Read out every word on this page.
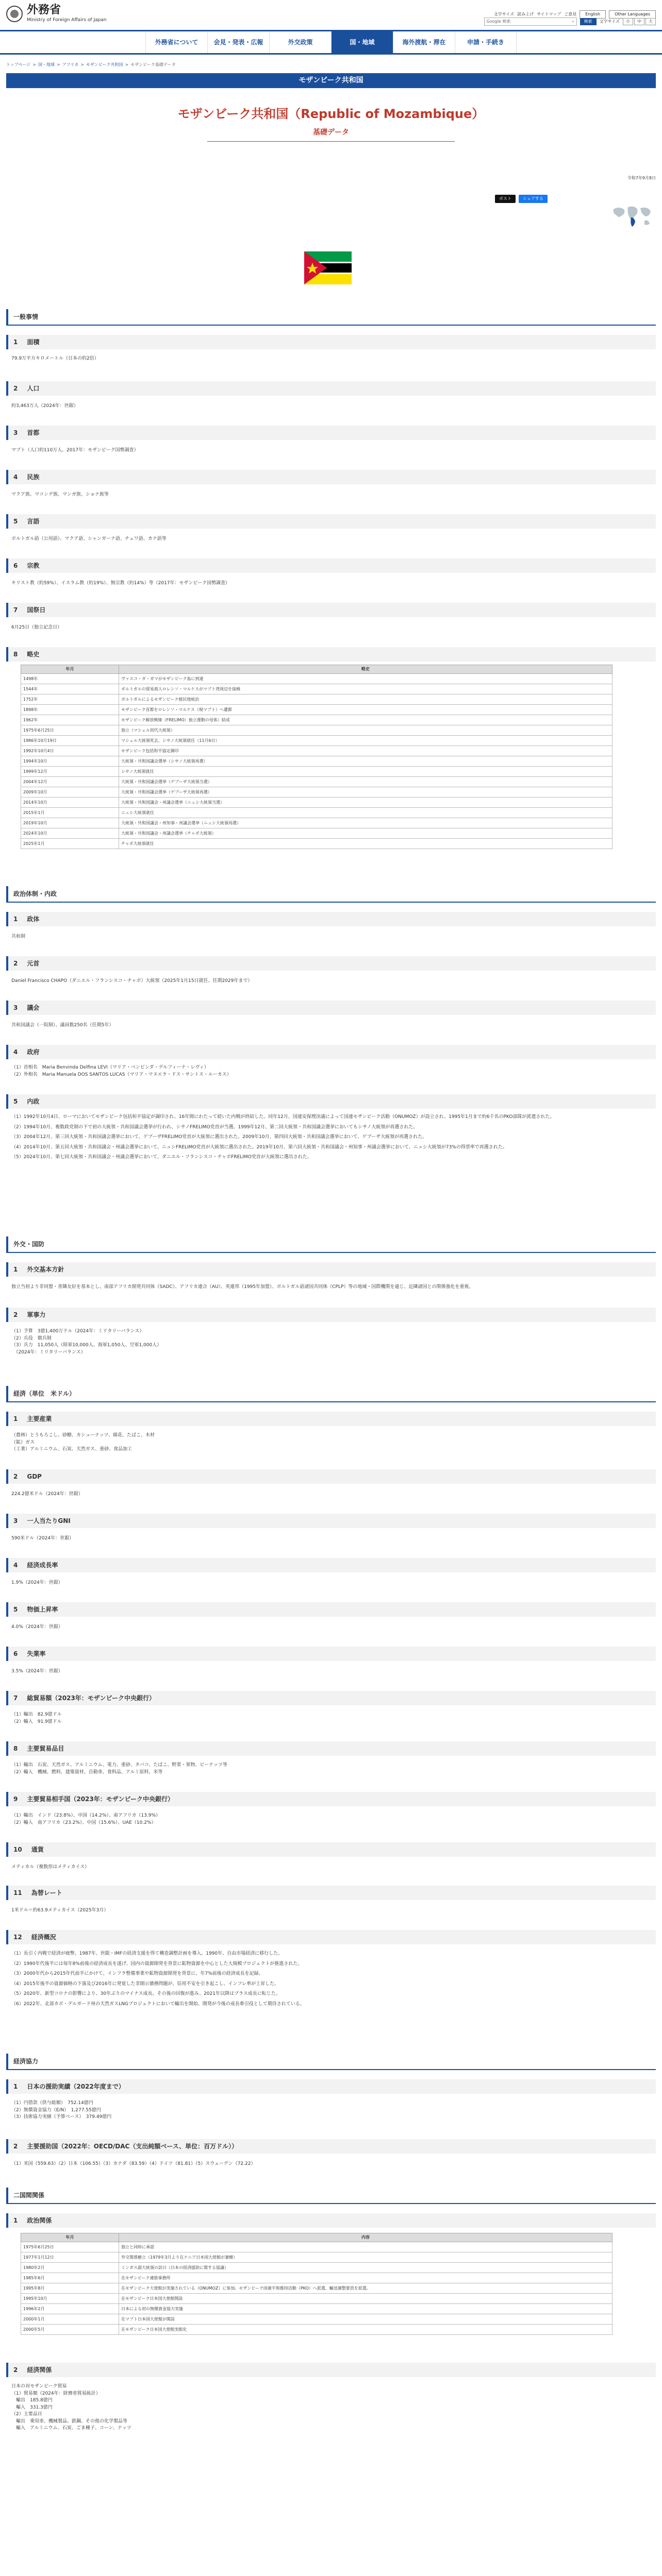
外務省
Ministry of Foreign Affairs of Japan
文字サイズ 読み上げ サイトマップ ご意見	English	Other Languages
Google 検索	⌕	検索	文字サイズ	小	中	大
外務省について	会見・発表・広報	外交政策	国・地域	海外渡航・滞在	申請・手続き
トップページ > 国・地域 > アフリカ > モザンビーク共和国 > モザンビーク基礎データ
モザンビーク共和国
モザンビーク共和国（Republic of Mozambique）
基礎データ
令和7年9月8日
ポスト	シェアする
一般事情
1 面積
79.9万平方キロメートル（日本の約2倍）
2 人口
約3,463万人（2024年：世銀）
3 首都
マプト（人口約110万人、2017年：モザンビーク国勢調査）
4 民族
マクア族、マコンデ族、マンガ族、ショナ族等
5 言語
ポルトガル語（公用語）、マクア語、シャンガーナ語、チェワ語、カナ語等
6 宗教
キリスト教（約59%）、イスラム教（約19%）、無宗教（約14%）等（2017年：モザンビーク国勢調査）
7 国祭日
6月25日（独立記念日）
8 略史
年月	略史
1498年	ヴァスコ・ダ・ガマがモザンビーク島に到達
1544年	ポルトガルの貿易商人ロレンソ・マルケスがマプト湾周辺を探検
1752年	ポルトガルによるモザンビーク植民地統治
1898年	モザンビーク首都をロレンソ・マルケス（現マプト）へ遷都
1962年	モザンビーク解放戦線（FRELIMO）独立運動の母体）結成
1975年6月25日	独立（マシェル初代大統領）
1986年10月19日	マシェル大統領死去、シサノ大統領就任（11月6日）
1992年10月4日	モザンビーク包括和平協定調印
1994年10月	大統領・共和国議会選挙（シサノ大統領再選）
1999年12月	シサノ大統領就任
2004年12月	大統領・共和国議会選挙（ゲブーザ大統領当選）
2009年10月	大統領・共和国議会選挙（ゲブーザ大統領再選）
2014年10月	大統領・共和国議会・州議会選挙（ニュシ大統領当選）
2015年1月	ニュシ大統領就任
2019年10月	大統領・共和国議会・州知事・州議会選挙（ニュシ大統領再選）
2024年10月	大統領・共和国議会・州議会選挙（チャポ大統領）
2025年1月	チャポ大統領就任
政治体制・内政
1 政体
共和制
2 元首
Daniel Francisco CHAPO（ダニエル・フランシスコ・チャポ）大統領（2025年1月15日就任、任期2029年まで）
3 議会
共和国議会（一院制）、議員数250名（任期5年）
4 政府

（1）首相名　Maria Benvinda Delfina LEVI（マリア・ベンビンダ・デルフィーナ・レヴィ）

（2）外相名　Maria Manuela DOS SANTOS LUCAS（マリア・マヌエラ・ドス・サントス・ルーカス）

5 内政

（1）1992年10月4日、ローマにおいてモザンビーク包括和平協定が調印され、16年間にわたって続いた内戦が終結した。同年12月、国連安保理決議によって国連モザンビーク活動（ONUMOZ）が設立され、1995年1月まで約6千名のPKO部隊が派遣された。

（2）1994年10月、複数政党制の下で初の大統領・共和国議会選挙が行われ、シサノFRELIMO党首が当選。1999年12月、第二回大統領・共和国議会選挙においてもシサノ大統領が再選された。

（3）2004年12月、第三回大統領・共和国議会選挙において、ゲブーザFRELIMO党首が大統領に選出された。2009年10月、第四回大統領・共和国議会選挙において、ゲブーザ大統領が再選された。

（4）2014年10月、第五回大統領・共和国議会・州議会選挙において、ニュシFRELIMO党首が大統領に選出された。2019年10月、第六回大統領・共和国議会・州知事・州議会選挙において、ニュシ大統領が73%の得票率で再選された。

（5）2024年10月、第七回大統領・共和国議会・州議会選挙において、ダニエル・フランシスコ・チャポFRELIMO党首が大統領に選出された。

外交・国防
1 外交基本方針
独立当初より非同盟・善隣友好を基本とし、南部アフリカ開発共同体（SADC）、アフリカ連合（AU）、英連邦（1995年加盟）、ポルトガル語諸国共同体（CPLP）等の地域・国際機関を通じ、近隣諸国との関係強化を重視。
2 軍事力

（1）予算　3億1,400万ドル（2024年：ミリタリーバランス）

（2）兵役　徴兵制

（3）兵力　11,050人（陸軍10,000人、海軍1,050人、空軍1,000人）

　（2024年：ミリタリーバランス）

経済（単位　米ドル）
1 主要産業

（農林）とうもろこし、砂糖、カシューナッツ、綿花、たばこ、木材

（鉱）ガス

（工業）アルミニウム、石炭、天然ガス、重砂、食品加工

2 GDP
224.2億米ドル（2024年：世銀）
3 一人当たりGNI
590米ドル（2024年：世銀）
4 経済成長率
1.9%（2024年：世銀）
5 物価上昇率
4.0%（2024年：世銀）
6 失業率
3.5%（2024年：世銀）
7 総貿易額（2023年：モザンビーク中央銀行）

（1）輸出　82.9億ドル

（2）輸入　91.9億ドル

8 主要貿易品目

（1）輸出　石炭、天然ガス、アルミニウム、電力、重砂、タバコ、たばこ、野菜・果物、ピーナッツ等

（2）輸入　機械、燃料、建築資材、自動車、食料品、アルミ原料、米等

9 主要貿易相手国（2023年：モザンビーク中央銀行）

（1）輸出　インド（23.8%）、中国（14.2%）、南アフリカ（13.9%）

（2）輸入　南アフリカ（23.2%）、中国（15.6%）、UAE（10.2%）

10 通貨
メティカル（複数形はメティカイス）
11 為替レート
1米ドル＝約63.9メティカイス（2025年3月）
12 経済概況

（1）長引く内戦で経済が疲弊。1987年、世銀・IMFの経済支援を得て構造調整計画を導入。1990年、自由市場経済に移行した。

（2）1990年代後半には毎年8%前後の経済成長を遂げ、国内の資源開発を背景に鉱物資源を中心とした大規模プロジェクトが推進された。

（3）2000年代から2015年代前半にかけて、インフラ整備事業や鉱物資源開発を背景に、年7%前後の経済成長を記録。

（4）2015年後半の資源価格の下落及び2016年に発覚した非開示債務問題が、信用不安を引き起こし、インフレ率が上昇した。

（5）2020年、新型コロナの影響により、30年ぶりのマイナス成長。その後の回復が進み、2021年以降はプラス成長に転じた。

（6）2022年、北部カボ・デルガード州の天然ガスLNGプロジェクトにおいて輸出を開始、開発が今後の成長牽引役として期待されている。

経済協力
1 日本の援助実績（2022年度まで）

（1）円借款（供与総額）　752.14億円

（2）無償資金協力（E/N）　1,277.55億円

（3）技術協力実績（予算ベース）　379.49億円

2 主要援助国（2022年：OECD/DAC（支出純額ベース、単位：百万ドル））
（1）米国（559.63）（2）日本（106.55）（3）カナダ（83.59）（4）ドイツ（81.81）（5）スウェーデン（72.22）
二国間関係
1 政治関係
年月	内容
1975年6月25日	独立と同時に承認
1977年1月12日	外交関係樹立（1979年3月より在ケニア日本国大使館が兼轄）
1980年2月	ミンガス副大統領の訪日（日本の経済援助に関する協議）
1985年6月	在モザンビーク連絡事務所
1995年8月	在モザンビーク大使館が実施されている（ONUMOZ）に参加。モザンビーク国連平和維持活動（PKO）へ派遣、輸送調整要員を派遣。
1995年10月	在モザンビーク日本国大使館開設
1996年2月	日本による初の無償資金協力実施
2000年1月	在マプト日本国大使館が開設
2000年5月	在モザンビーク日本国大使館実館化
2 経済関係

日本の対モザンビーク貿易

（1）貿易額（2024年：財務省貿易統計）

　輸出　185.8億円

　輸入　331.3億円

（2）主要品目

　輸出　乗用車、機械製品、鉄鋼、その他の化学製品等

　輸入　アルミニウム、石炭、ごま種子、コーン、ナッツ
